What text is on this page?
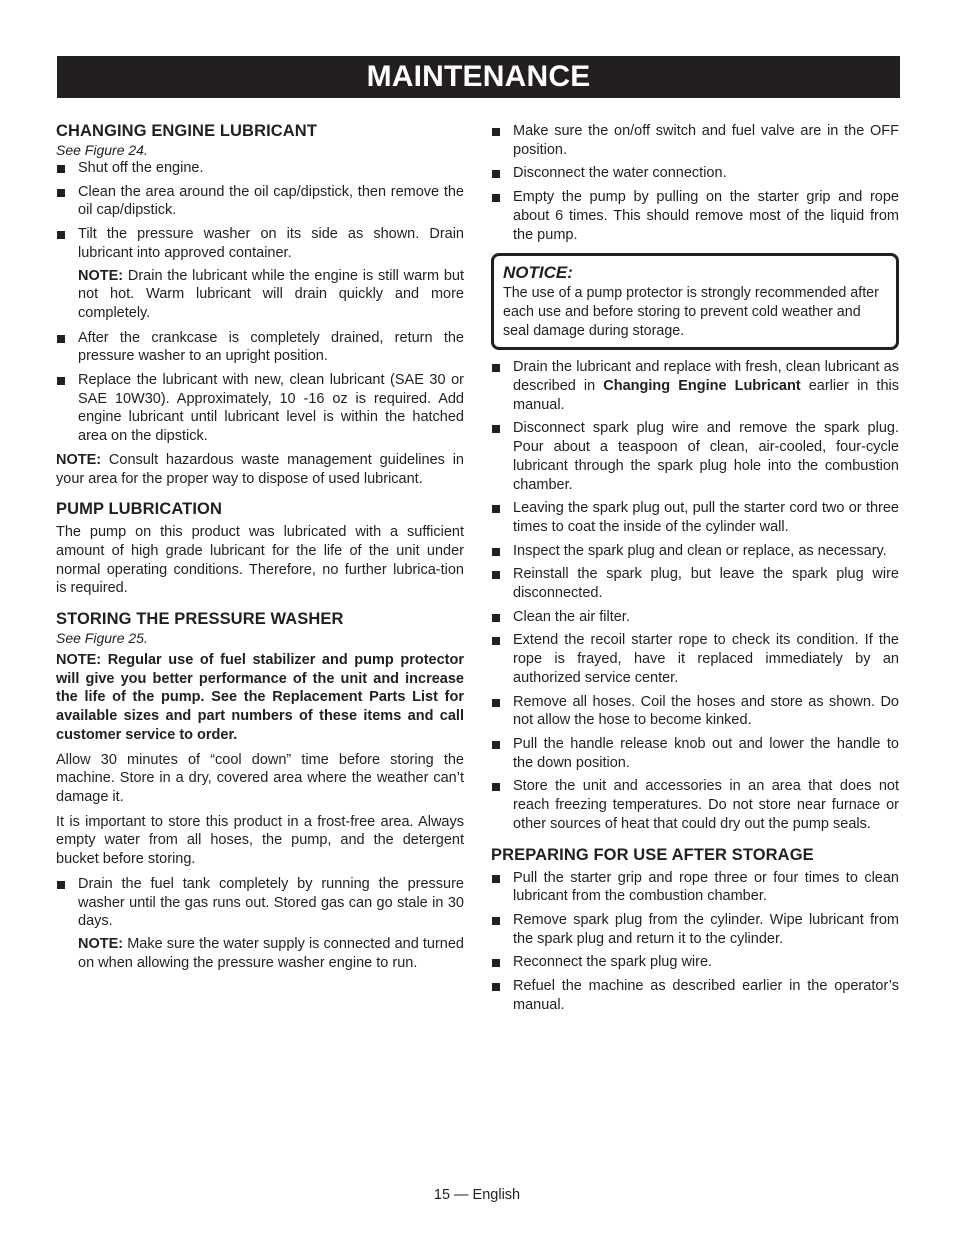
MAINTENANCE
CHANGING ENGINE LUBRICANT
See Figure 24.
Shut off the engine.
Clean the area around the oil cap/dipstick, then remove the oil cap/dipstick.
Tilt the pressure washer on its side as shown. Drain lubricant into approved container.

NOTE: Drain the lubricant while the engine is still warm but not hot. Warm lubricant will drain quickly and more completely.

After the crankcase is completely drained, return the pressure washer to an upright position.
Replace the lubricant with new, clean lubricant (SAE 30 or SAE 10W30). Approximately, 10 -16 oz is required. Add engine lubricant until lubricant level is within the hatched area on the dipstick.

NOTE: Consult hazardous waste management guidelines in your area for the proper way to dispose of used lubricant.

PUMP LUBRICATION

The pump on this product was lubricated with a sufficient amount of high grade lubricant for the life of the unit under normal operating conditions. Therefore, no further lubrica-tion is required.

STORING THE PRESSURE WASHER
See Figure 25.

NOTE: Regular use of fuel stabilizer and pump protector will give you better performance of the unit and increase the life of the pump. See the Replacement Parts List for available sizes and part numbers of these items and call customer service to order.

Allow 30 minutes of “cool down” time before storing the machine. Store in a dry, covered area where the weather can’t damage it.

It is important to store this product in a frost-free area. Always empty water from all hoses, the pump, and the detergent bucket before storing.

Drain the fuel tank completely by running the pressure washer until the gas runs out. Stored gas can go stale in 30 days.

NOTE: Make sure the water supply is connected and turned on when allowing the pressure washer engine to run.

Make sure the on/off switch and fuel valve are in the OFF position.
Disconnect the water connection.
Empty the pump by pulling on the starter grip and rope about 6 times. This should remove most of the liquid from the pump.
NOTICE:

The use of a pump protector is strongly recommended after each use and before storing to prevent cold weather and seal damage during storage.

Drain the lubricant and replace with fresh, clean lubricant as described in Changing Engine Lubricant earlier in this manual.
Disconnect spark plug wire and remove the spark plug. Pour about a teaspoon of clean, air-cooled, four-cycle lubricant through the spark plug hole into the combustion chamber.
Leaving the spark plug out, pull the starter cord two or three times to coat the inside of the cylinder wall.
Inspect the spark plug and clean or replace, as necessary.
Reinstall the spark plug, but leave the spark plug wire disconnected.
Clean the air filter.
Extend the recoil starter rope to check its condition. If the rope is frayed, have it replaced immediately by an authorized service center.
Remove all hoses. Coil the hoses and store as shown. Do not allow the hose to become kinked.
Pull the handle release knob out and lower the handle to the down position.
Store the unit and accessories in an area that does not reach freezing temperatures. Do not store near furnace or other sources of heat that could dry out the pump seals.
PREPARING FOR USE AFTER STORAGE
Pull the starter grip and rope three or four times to clean lubricant from the combustion chamber.
Remove spark plug from the cylinder. Wipe lubricant from the spark plug and return it to the cylinder.
Reconnect the spark plug wire.
Refuel the machine as described earlier in the operator’s manual.
15 — English
